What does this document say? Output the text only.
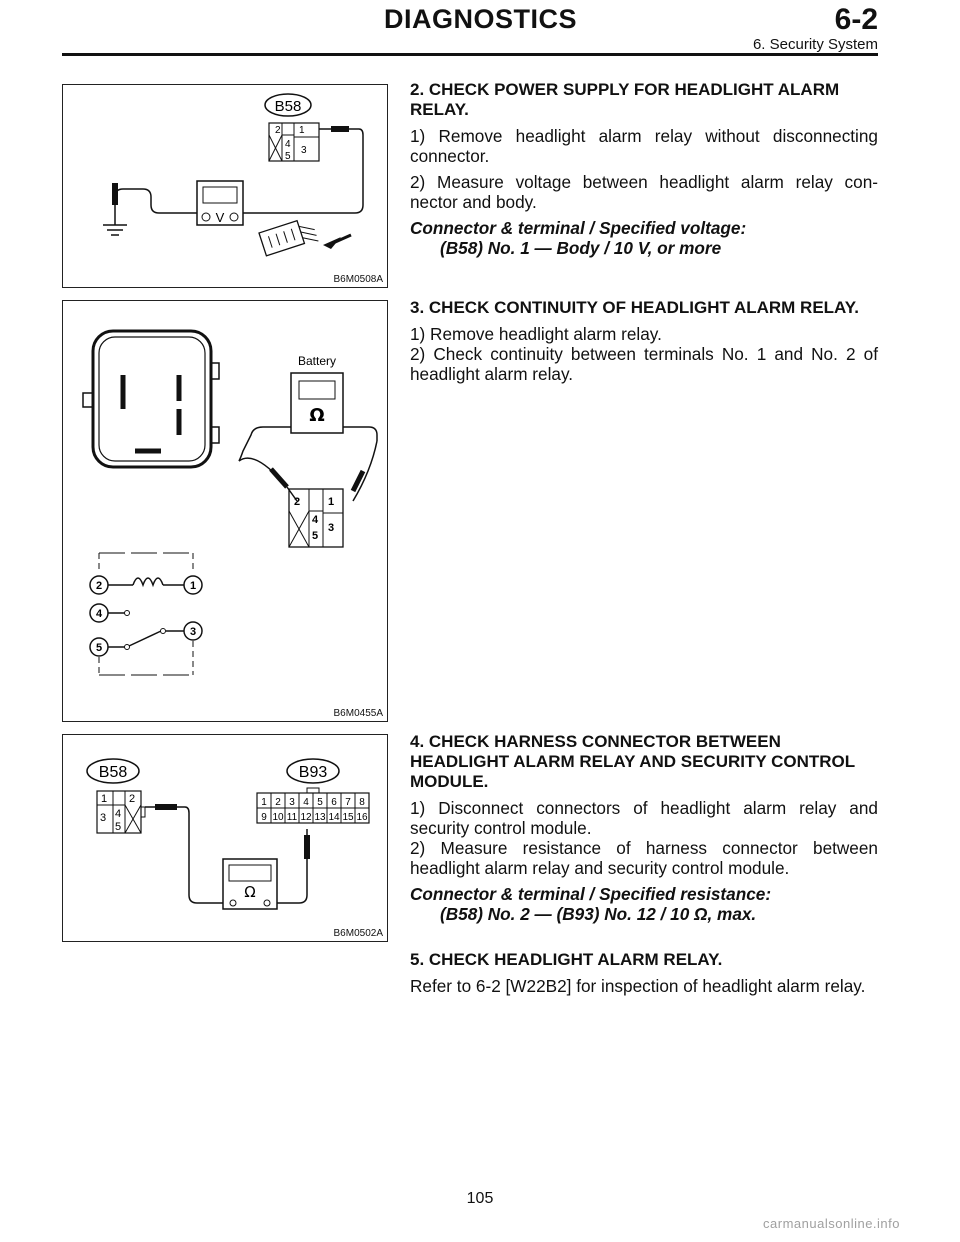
DIAGNOSTICS	6-2
6. Security System
B58
2 1
4
5
3
V
B6M0508A
Battery
Ω
2	1
4
5
3
2	1
4
5
3
B6M0455A
B58	B93
1 2
3 4
5
1 2 3 4 5 6 7 8
9 10 11 12 13 14 15 16
Ω
B6M0502A
2. CHECK POWER SUPPLY FOR HEADLIGHT ALARM RELAY.

1) Remove headlight alarm relay without disconnecting connector.

2) Measure voltage between headlight alarm relay con- nector and body.

Connector & terminal / Specified voltage:
(B58) No. 1 — Body / 10 V, or more
3. CHECK CONTINUITY OF HEADLIGHT ALARM RELAY.

1) Remove headlight alarm relay.

2) Check continuity between terminals No. 1 and No. 2 of headlight alarm relay.

4. CHECK HARNESS CONNECTOR BETWEEN HEADLIGHT ALARM RELAY AND SECURITY CONTROL MODULE.

1) Disconnect connectors of headlight alarm relay and security control module.

2) Measure resistance of harness connector between headlight alarm relay and security control module.

Connector & terminal / Specified resistance:
(B58) No. 2 — (B93) No. 12 / 10 Ω, max.
5. CHECK HEADLIGHT ALARM RELAY.

Refer to 6-2 [W22B2] for inspection of headlight alarm relay.

105
carmanualsonline.info
